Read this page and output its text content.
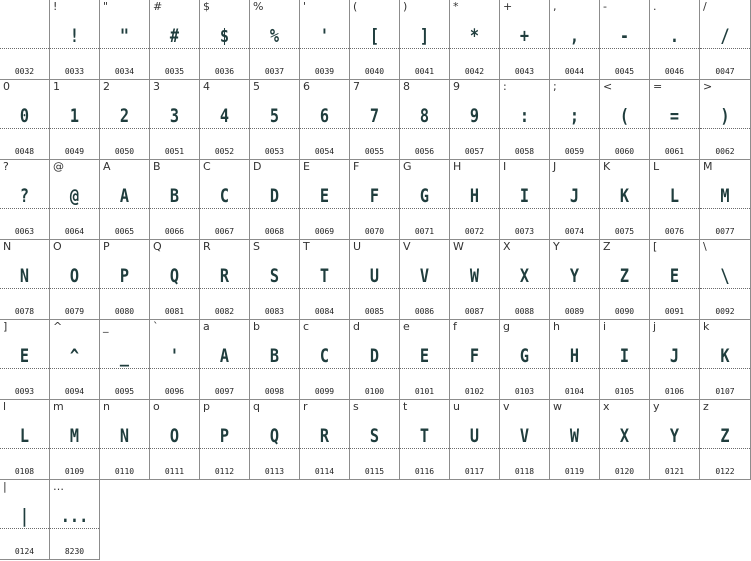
0032
!
!
0033
"
"
0034
#
#
0035
$
$
0036
%
%
0037
'
'
0039
(
[
0040
)
]
0041
*
*
0042
+
+
0043
,
,
0044
-
-
0045
.
.
0046
/
/
0047
0
0
0048
1
1
0049
2
2
0050
3
3
0051
4
4
0052
5
5
0053
6
6
0054
7
7
0055
8
8
0056
9
9
0057
:
:
0058
;
;
0059
<
(
0060
=
=
0061
>
)
0062
?
?
0063
@
@
0064
A
A
0065
B
B
0066
C
C
0067
D
D
0068
E
E
0069
F
F
0070
G
G
0071
H
H
0072
I
I
0073
J
J
0074
K
K
0075
L
L
0076
M
M
0077
N
N
0078
O
O
0079
P
P
0080
Q
Q
0081
R
R
0082
S
S
0083
T
T
0084
U
U
0085
V
V
0086
W
W
0087
X
X
0088
Y
Y
0089
Z
Z
0090
[
E
0091
\
\
0092
]
E
0093
^
^
0094
_
_
0095
`
'
0096
a
A
0097
b
B
0098
c
C
0099
d
D
0100
e
E
0101
f
F
0102
g
G
0103
h
H
0104
i
I
0105
j
J
0106
k
K
0107
l
L
0108
m
M
0109
n
N
0110
o
O
0111
p
P
0112
q
Q
0113
r
R
0114
s
S
0115
t
T
0116
u
U
0117
v
V
0118
w
W
0119
x
X
0120
y
Y
0121
z
Z
0122
|
|
0124
…
...
8230
